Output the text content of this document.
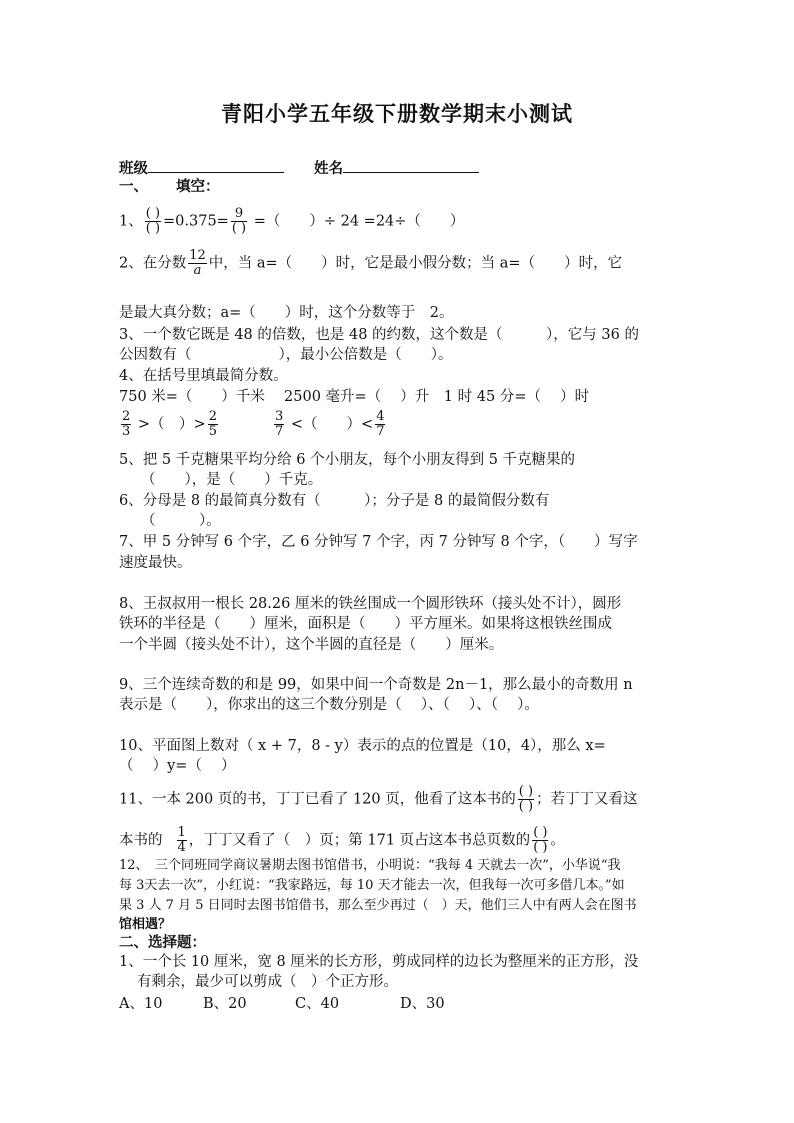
青阳小学五年级下册数学期末小测试
班级	姓名
一、 填空：
1、 $\frac{( )}{( )} =0.375= \frac{9}{( )}$ =（　　）÷ 24 =24÷（　　）
2、在分数 $\frac{12}{a}$ 中，当 a=（　　）时，它是最小假分数；当 a=（　　）时，它
是最大真分数；a=（　　）时，这个分数等于　2。
3、一个数它既是 48 的倍数，也是 48 的约数，这个数是（　　　），它与 36 的
公因数有（　　　　　　），最小公倍数是（　　）。
4、在括号里填最简分数。
750 米=（　　）千米　 2500 毫升=（　 ）升　1 时 45 分=（　 ）时
$\frac{2}{3}$ >（　）> $\frac{2}{5}$	$\frac{3}{7}$ <（　　）< $\frac{4}{7}$
5、把 5 千克糖果平均分给 6 个小朋友，每个小朋友得到 5 千克糖果的
（　　），是（　　）千克。
6、分母是 8 的最简真分数有（　　　）；分子是 8 的最简假分数有
（　　　）。
7、甲 5 分钟写 6 个字，乙 6 分钟写 7 个字，丙 7 分钟写 8 个字，（　　）写字
速度最快。
8、王叔叔用一根长 28.26 厘米的铁丝围成一个圆形铁环（接头处不计），圆形
铁环的半径是（　　）厘米，面积是（　　）平方厘米。如果将这根铁丝围成
一个半圆（接头处不计），这个半圆的直径是（　　）厘米。
9、三个连续奇数的和是 99，如果中间一个奇数是 2n－1，那么最小的奇数用 n
表示是（　　），你求出的这三个数分别是（　 ）、（　 ）、（　 ）。
10、平面图上数对（ x + 7，8 - y）表示的点的位置是（10，4），那么 x=
（　 ）y=（　 ）
11、一本 200 页的书，丁丁已看了 120 页，他看了这本书的 $\frac{( )}{( )}$ ；若丁丁又看这
本书的 $\frac{1}{4}$ ，丁丁又看了（　）页；第 171 页占这本书总页数的 $\frac{( )}{( )}$ 。
12、　三个同班同学商议暑期去图书馆借书，小明说：“我每 4 天就去一次”，小华说“我
每 3天去一次”，小红说：“我家路远，每 10 天才能去一次，但我每一次可多借几本。”如
果 3 人 7 月 5 日同时去图书馆借书，那么至少再过（　）天，他们三人中有两人会在图书
馆相遇？
二、选择题：
1、一个长 10 厘米，宽 8 厘米的长方形，剪成同样的边长为整厘米的正方形，没
有剩余，最少可以剪成（　）个正方形。
A、10	B、20	C、40	D、30
